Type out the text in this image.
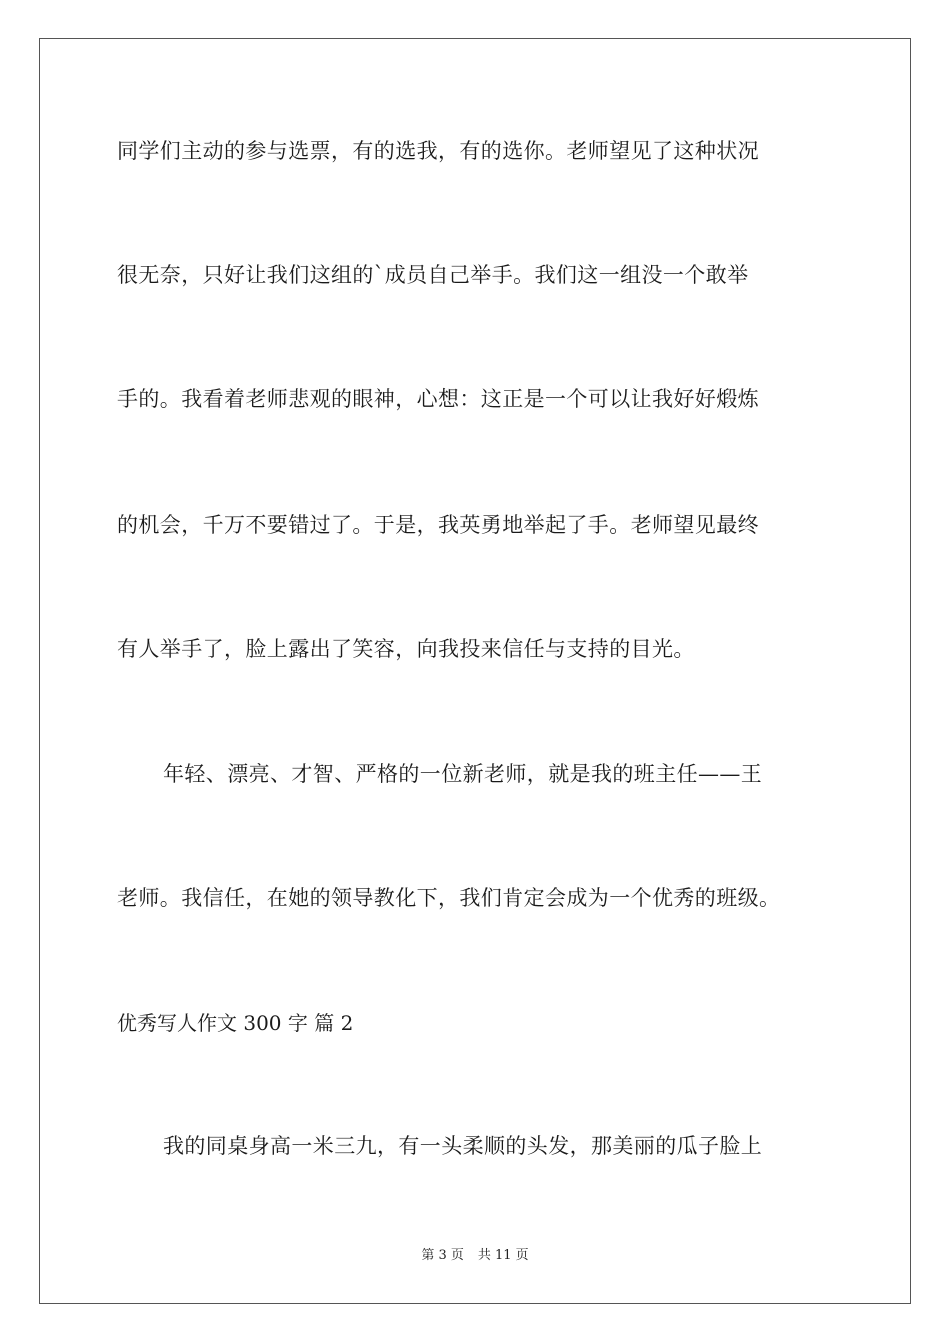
同学们主动的参与选票，有的选我，有的选你。老师望见了这种状况
很无奈，只好让我们这组的`成员自己举手。我们这一组没一个敢举
手的。我看着老师悲观的眼神，心想：这正是一个可以让我好好煅炼
的机会，千万不要错过了。于是，我英勇地举起了手。老师望见最终
有人举手了，脸上露出了笑容，向我投来信任与支持的目光。
年轻、漂亮、才智、严格的一位新老师，就是我的班主任——王
老师。我信任，在她的领导教化下，我们肯定会成为一个优秀的班级。
优秀写人作文 300 字 篇 2
我的同桌身高一米三九，有一头柔顺的头发，那美丽的瓜子脸上
第 3 页 共 11 页
